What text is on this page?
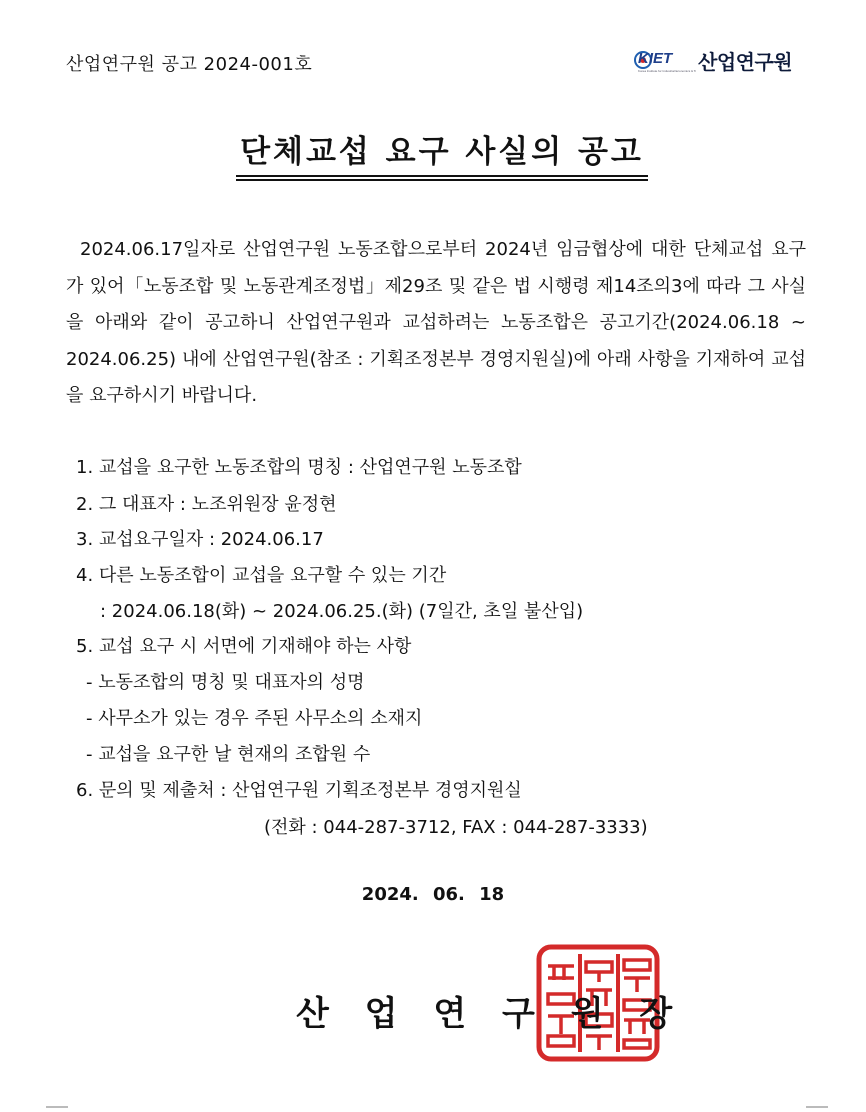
산업연구원 공고 2024-001호	KIET
Korea Institute for Industrial Economics & Trade
산업연구원
단체교섭 요구 사실의 공고
2024.06.17일자로 산업연구원 노동조합으로부터 2024년 임금협상에 대한 단체교섭 요구가 있어「노동조합 및 노동관계조정법」제29조 및 같은 법 시행령 제14조의3에 따라 그 사실을 아래와 같이 공고하니 산업연구원과 교섭하려는 노동조합은 공고기간(2024.06.18 ~ 2024.06.25) 내에 산업연구원(참조 : 기획조정본부 경영지원실)에 아래 사항을 기재하여 교섭을 요구하시기 바랍니다.
1. 교섭을 요구한 노동조합의 명칭 : 산업연구원 노동조합
2. 그 대표자 : 노조위원장 윤정현
3. 교섭요구일자 : 2024.06.17
4. 다른 노동조합이 교섭을 요구할 수 있는 기간
: 2024.06.18(화) ~ 2024.06.25.(화) (7일간, 초일 불산입)
5. 교섭 요구 시 서면에 기재해야 하는 사항
- 노동조합의 명칭 및 대표자의 성명
- 사무소가 있는 경우 주된 사무소의 소재지
- 교섭을 요구한 날 현재의 조합원 수
6. 문의 및 제출처 : 산업연구원 기획조정본부 경영지원실
(전화 : 044-287-3712, FAX : 044-287-3333)
2024. 06. 18
산 업 연 구 원 장
